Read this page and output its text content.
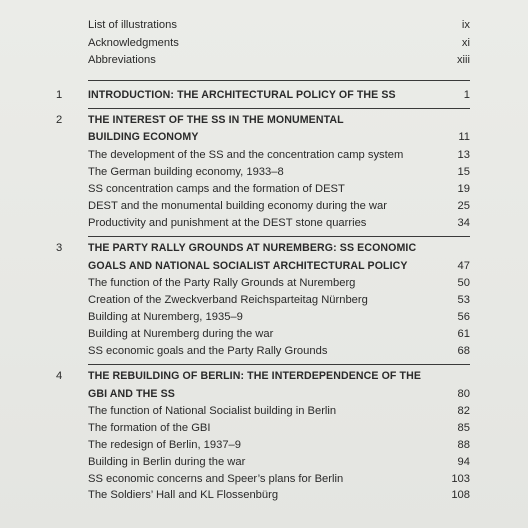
List of illustrations	ix
Acknowledgments	xi
Abbreviations	xiii
1 INTRODUCTION: THE ARCHITECTURAL POLICY OF THE SS	1
2 THE INTEREST OF THE SS IN THE MONUMENTAL
BUILDING ECONOMY	11
The development of the SS and the concentration camp system	13
The German building economy, 1933–8	15
SS concentration camps and the formation of DEST	19
DEST and the monumental building economy during the war	25
Productivity and punishment at the DEST stone quarries	34
3 THE PARTY RALLY GROUNDS AT NUREMBERG: SS ECONOMIC
GOALS AND NATIONAL SOCIALIST ARCHITECTURAL POLICY	47
The function of the Party Rally Grounds at Nuremberg	50
Creation of the Zweckverband Reichsparteitag Nürnberg	53
Building at Nuremberg, 1935–9	56
Building at Nuremberg during the war	61
SS economic goals and the Party Rally Grounds	68
4 THE REBUILDING OF BERLIN: THE INTERDEPENDENCE OF THE
GBI AND THE SS	80
The function of National Socialist building in Berlin	82
The formation of the GBI	85
The redesign of Berlin, 1937–9	88
Building in Berlin during the war	94
SS economic concerns and Speer’s plans for Berlin	103
The Soldiers’ Hall and KL Flossenbürg	108
